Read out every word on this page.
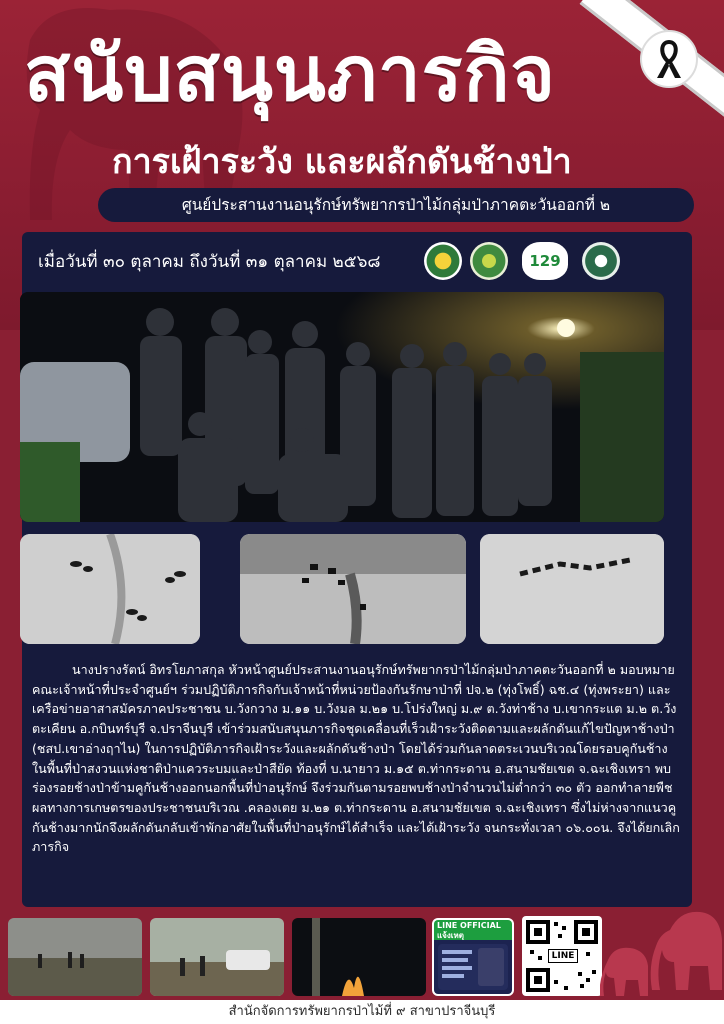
สนับสนุนภารกิจ
การเฝ้าระวัง และผลักดันช้างป่า
ศูนย์ประสานงานอนุรักษ์ทรัพยากรป่าไม้กลุ่มป่าภาคตะวันออกที่ ๒
เมื่อวันที่ ๓๐ ตุลาคม ถึงวันที่ ๓๑ ตุลาคม ๒๕๖๘	129

นางปรางรัตน์ อิทรโยภาสกุล หัวหน้าศูนย์ประสานงานอนุรักษ์ทรัพยากรป่าไม้กลุ่มป่าภาคตะวันออกที่ ๒ มอบหมายคณะเจ้าหน้าที่ประจำศูนย์ฯ ร่วมปฏิบัติภารกิจกับเจ้าหน้าที่หน่วยป้องกันรักษาป่าที่ ปจ.๒ (ทุ่งโพธิ์) ฉช.๔ (ทุ่งพระยา) และเครือข่ายอาสาสมัครภาคประชาชน บ.วังกวาง ม.๑๑ บ.วังมล ม.๒๑ บ.โปร่งใหญ่ ม.๙ ต.วังท่าช้าง บ.เขากระแต ม.๒ ต.วังตะเคียน อ.กบินทร์บุรี จ.ปราจีนบุรี เข้าร่วมสนับสนุนภารกิจชุดเคลื่อนที่เร็วเฝ้าระวังติดตามและผลักดันแก้ไขปัญหาช้างป่า (ชสป.เขาอ่างฤาไน) ในการปฏิบัติภารกิจเฝ้าระวังและผลักดันช้างป่า โดยได้ร่วมกันลาดตระเวนบริเวณโดยรอบคูกันช้างในพื้นที่ป่าสงวนแห่งชาติป่าแควระบมและป่าสียัด ท้องที่ บ.นายาว ม.๑๕ ต.ท่ากระดาน อ.สนามชัยเขต จ.ฉะเชิงเทรา พบร่องรอยช้างป่าข้ามคูกันช้างออกนอกพื้นที่ป่าอนุรักษ์ จึงร่วมกันตามรอยพบช้างป่าจำนวนไม่ต่ำกว่า ๓๐ ตัว ออกทำลายพืชผลทางการเกษตรของประชาชนบริเวณ .คลองเตย ม.๒๑ ต.ท่ากระดาน อ.สนามชัยเขต จ.ฉะเชิงเทรา ซึ่งไม่ห่างจากแนวคูกันช้างมากนักจึงผลักดันกลับเข้าพักอาศัยในพื้นที่ป่าอนุรักษ์ได้สำเร็จ และได้เฝ้าระวัง จนกระทั่งเวลา ๐๖.๐๐น. จึงได้ยกเลิกภารกิจ

LINE OFFICIAL แจ้งเหตุ
LINE
สำนักจัดการทรัพยากรป่าไม้ที่ ๙ สาขาปราจีนบุรี
